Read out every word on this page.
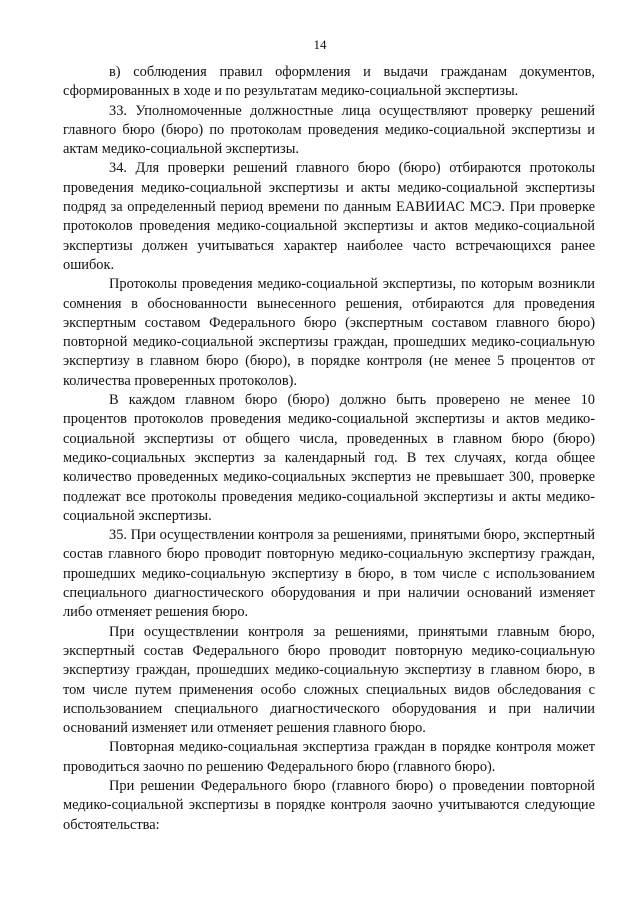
14

в) соблюдения правил оформления и выдачи гражданам документов, сформированных в ходе и по результатам медико-социальной экспертизы.

33. Уполномоченные должностные лица осуществляют проверку решений главного бюро (бюро) по протоколам проведения медико-социальной экспертизы и актам медико-социальной экспертизы.

34. Для проверки решений главного бюро (бюро) отбираются протоколы проведения медико-социальной экспертизы и акты медико-социальной экспертизы подряд за определенный период времени по данным ЕАВИИАС МСЭ. При проверке протоколов проведения медико-социальной экспертизы и актов медико-социальной экспертизы должен учитываться характер наиболее часто встречающихся ранее ошибок.

Протоколы проведения медико-социальной экспертизы, по которым возникли сомнения в обоснованности вынесенного решения, отбираются для проведения экспертным составом Федерального бюро (экспертным составом главного бюро) повторной медико-социальной экспертизы граждан, прошедших медико-социальную экспертизу в главном бюро (бюро), в порядке контроля (не менее 5 процентов от количества проверенных протоколов).

В каждом главном бюро (бюро) должно быть проверено не менее 10 процентов протоколов проведения медико-социальной экспертизы и актов медико-социальной экспертизы от общего числа, проведенных в главном бюро (бюро) медико-социальных экспертиз за календарный год. В тех случаях, когда общее количество проведенных медико-социальных экспертиз не превышает 300, проверке подлежат все протоколы проведения медико-социальной экспертизы и акты медико-социальной экспертизы.

35. При осуществлении контроля за решениями, принятыми бюро, экспертный состав главного бюро проводит повторную медико-социальную экспертизу граждан, прошедших медико-социальную экспертизу в бюро, в том числе с использованием специального диагностического оборудования и при наличии оснований изменяет либо отменяет решения бюро.

При осуществлении контроля за решениями, принятыми главным бюро, экспертный состав Федерального бюро проводит повторную медико-социальную экспертизу граждан, прошедших медико-социальную экспертизу в главном бюро, в том числе путем применения особо сложных специальных видов обследования с использованием специального диагностического оборудования и при наличии оснований изменяет или отменяет решения главного бюро.

Повторная медико-социальная экспертиза граждан в порядке контроля может проводиться заочно по решению Федерального бюро (главного бюро).

При решении Федерального бюро (главного бюро) о проведении повторной медико-социальной экспертизы в порядке контроля заочно учитываются следующие обстоятельства:
